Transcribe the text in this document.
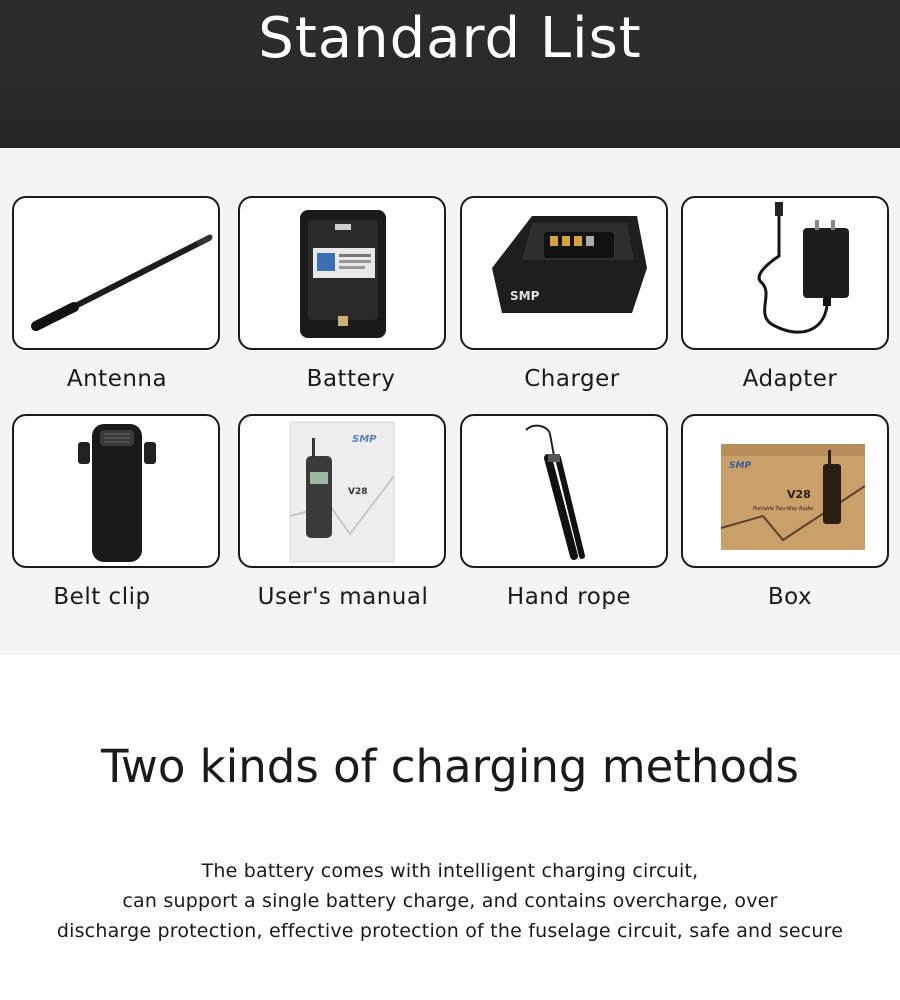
Standard List
Antenna	Battery
SMP
Charger	Adapter
Belt clip
SMP
V28
User's manual	Hand rope
SMP
V28
Portable Two-Way Radio
Box
Two kinds of charging methods
The battery comes with intelligent charging circuit,
can support a single battery charge, and contains overcharge, over
discharge protection, effective protection of the fuselage circuit, safe and secure
